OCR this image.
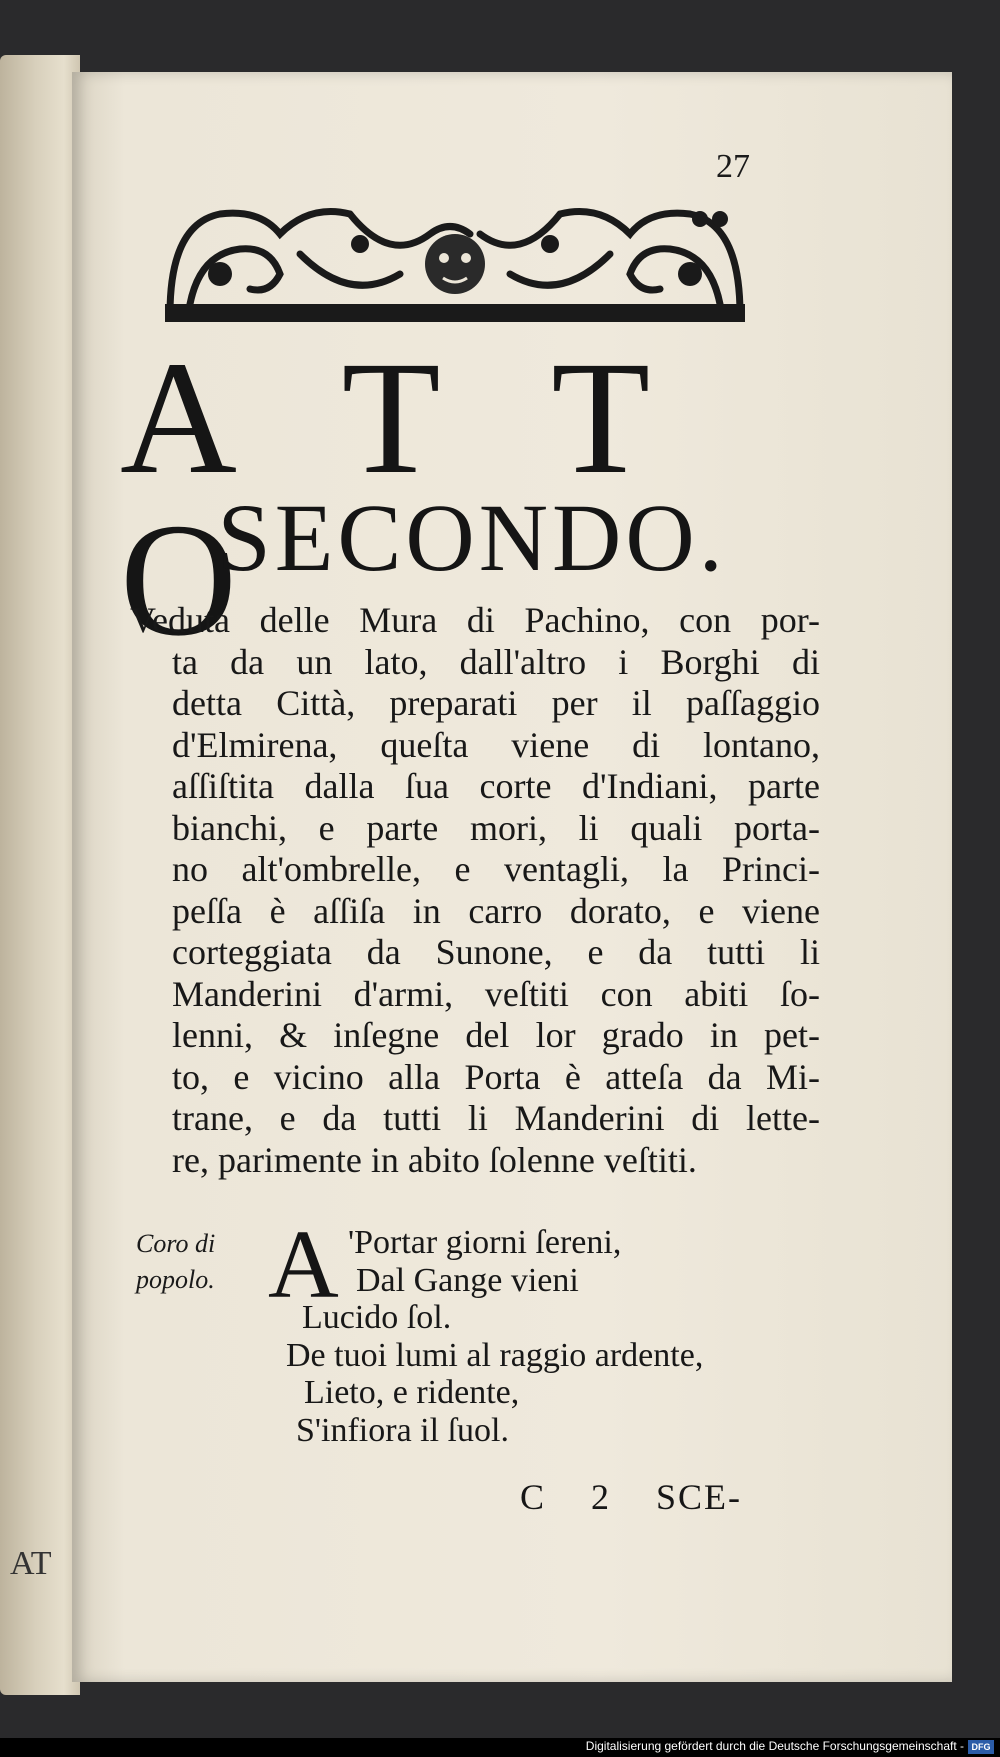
AT
27
A T T O
SECONDO.
Veduta delle Mura di Pachino, con por-
ta da un lato, dall'altro i Borghi di
detta Città, preparati per il paſſaggio
d'Elmirena, queſta viene di lontano,
aſſiſtita dalla ſua corte d'Indiani, parte
bianchi, e parte mori, li quali porta-
no alt'ombrelle, e ventagli, la Princi-
peſſa è aſſiſa in carro dorato, e viene
corteggiata da Sunone, e da tutti li
Manderini d'armi, veſtiti con abiti ſo-
lenni, & inſegne del lor grado in pet-
to, e vicino alla Porta è atteſa da Mi-
trane, e da tutti li Manderini di lette-
re, parimente in abito ſolenne veſtiti.
Coro di
popolo. A 'Portar giorni ſereni,
Dal Gange vieni
Lucido ſol.
De tuoi lumi al raggio ardente,
Lieto, e ridente,
S'infiora il ſuol.
C 2 SCE-
Digitalisierung gefördert durch die Deutsche Forschungsgemeinschaft - DFG
